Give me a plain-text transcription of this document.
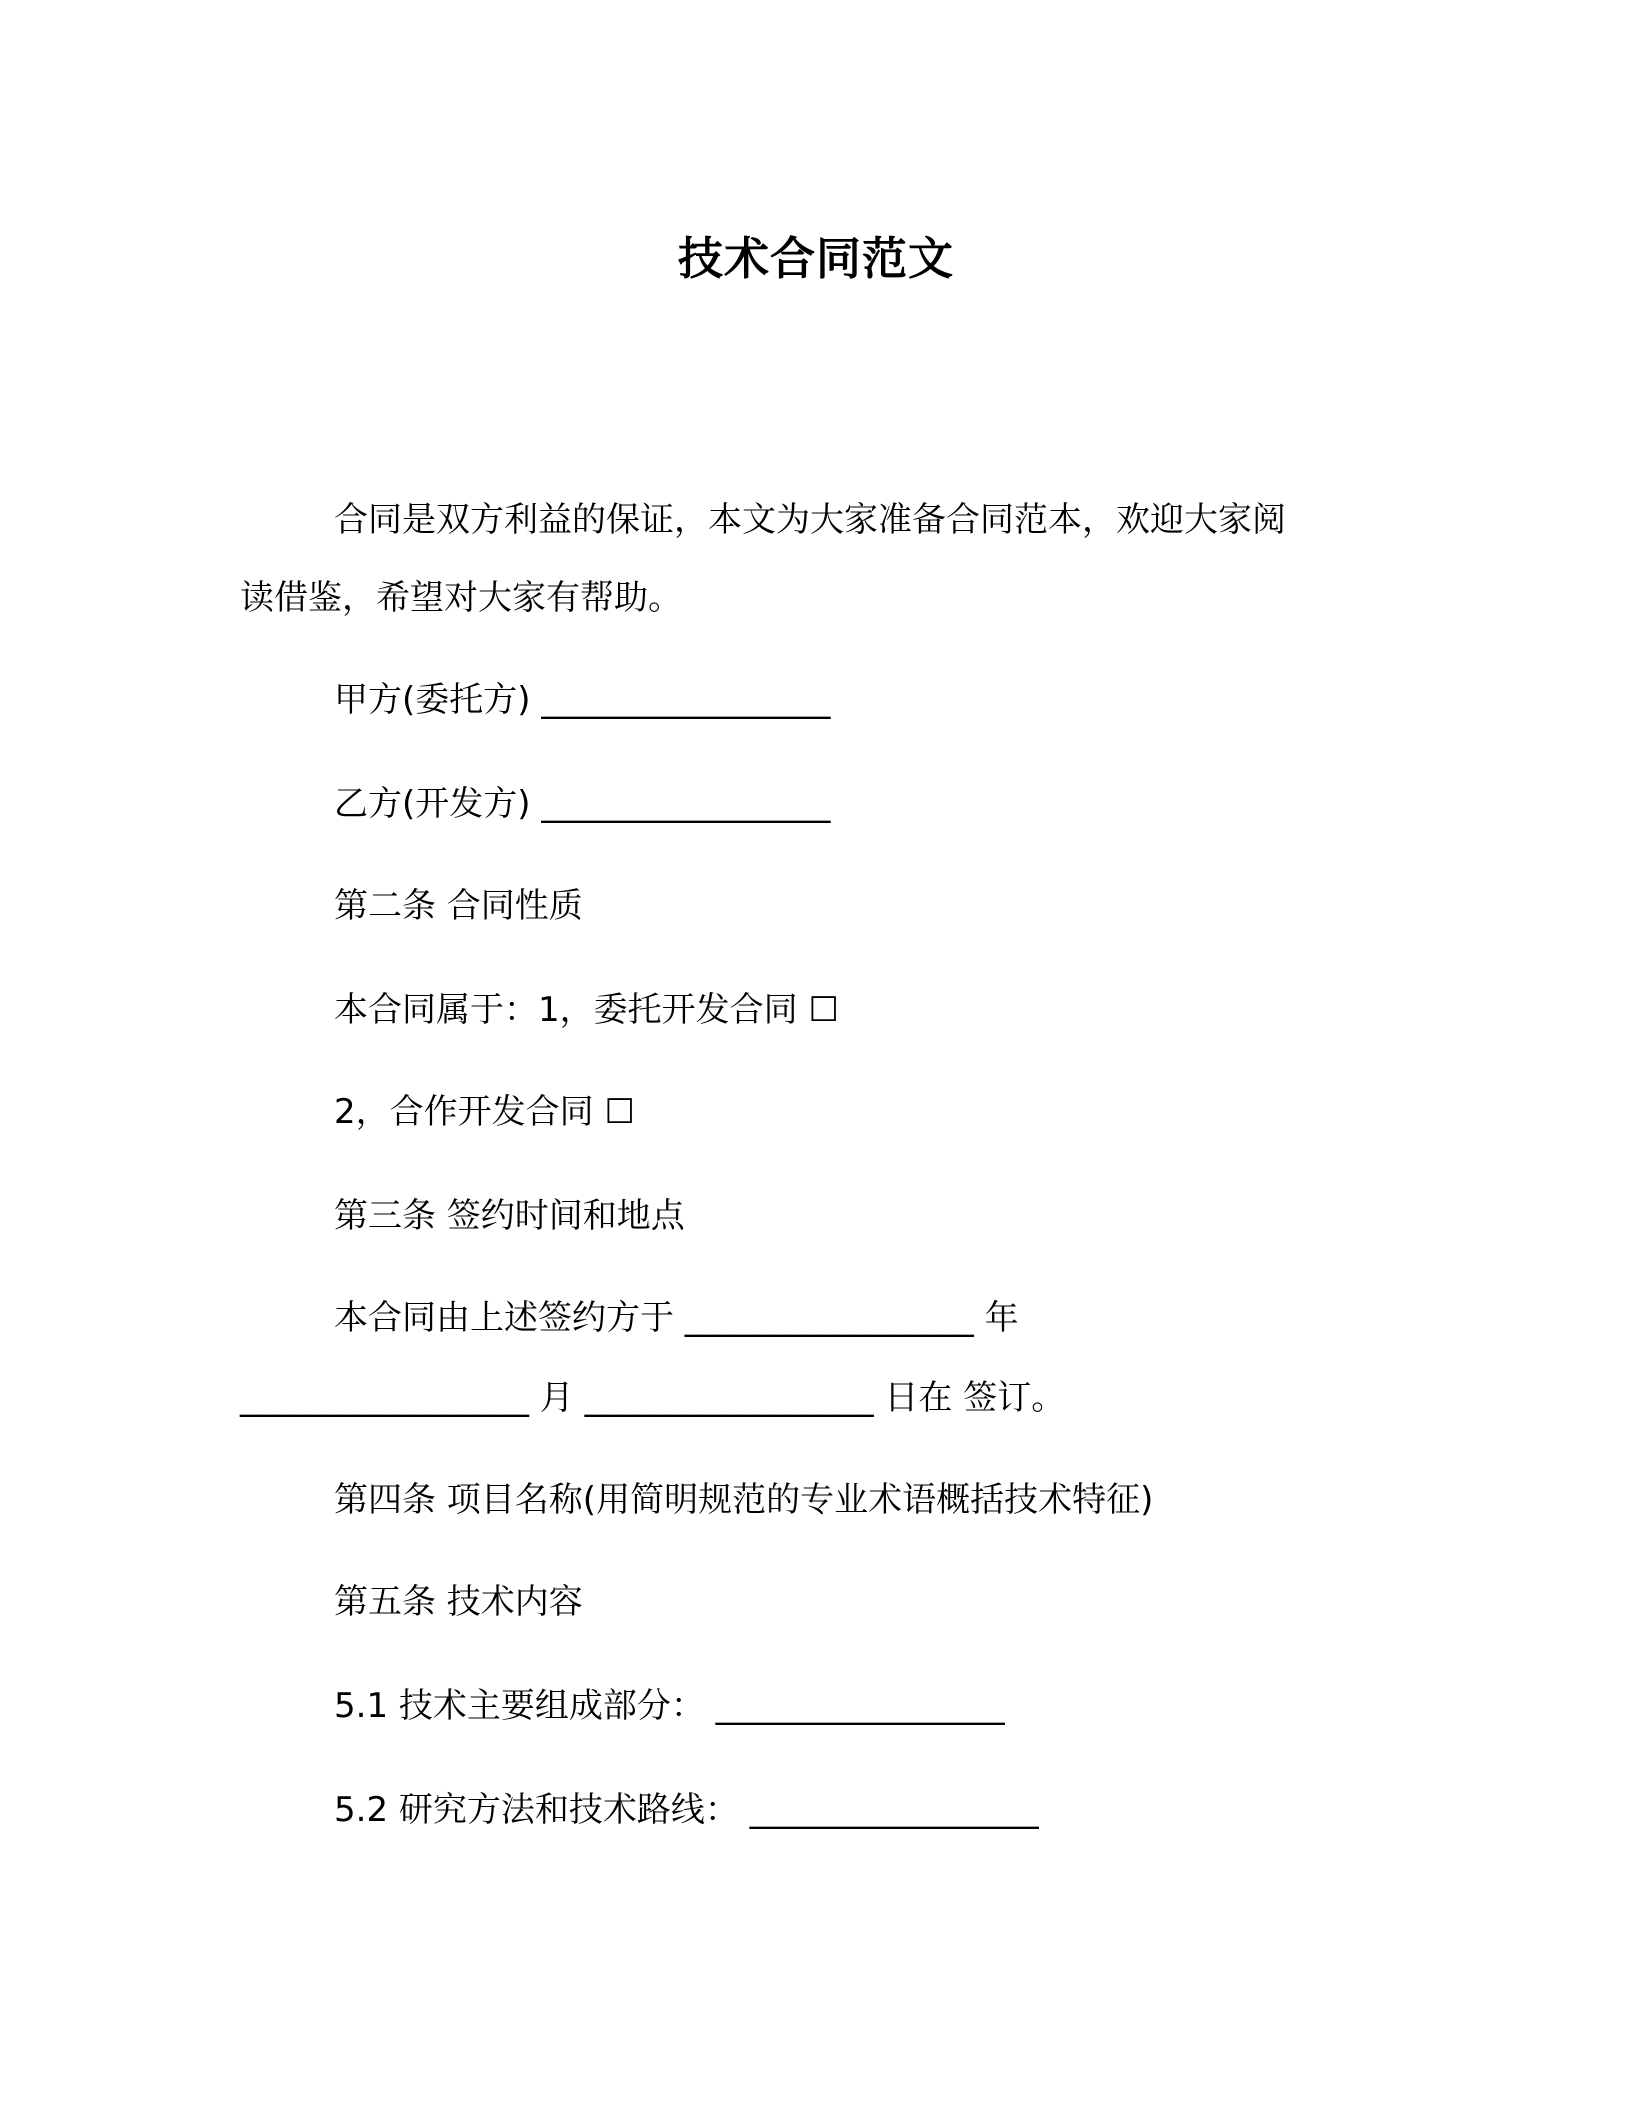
技术合同范文
合同是双方利益的保证，本文为大家准备合同范本，欢迎大家阅
读借鉴，希望对大家有帮助。
甲方(委托方) _________________
乙方(开发方) _________________
第二条 合同性质
本合同属于：1，委托开发合同 ☐
2，合作开发合同 ☐
第三条 签约时间和地点
本合同由上述签约方于 _________________ 年
_________________ 月 _________________ 日在 签订。
第四条 项目名称(用简明规范的专业术语概括技术特征)
第五条 技术内容
5.1 技术主要组成部分： _________________
5.2 研究方法和技术路线： _________________
